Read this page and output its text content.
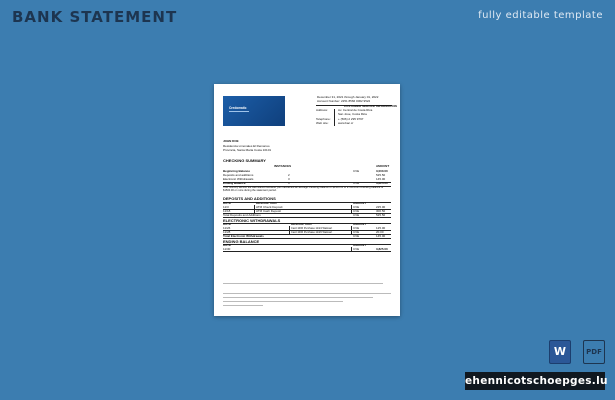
BANK STATEMENT	fully editable template
Credomatic
December 31, 2021 through January 01, 2022
Account Number: 2251 8566 0062 9522
CUSTOMER SERVICE INFORMATION
Address:	Av. Central de Costa Rica
San Jose, Costa Rica
Telephone: + (506) 2 295 9797
Web site:	www.bac.cr
JOHN DOE
Residencia Limonales El Remanso
Provincia, Santa Maria Costa 10101
CHECKING SUMMARY
INSTANCES	AMOUNT
Beginning Balance	CVE	3,000.00
Deposits and additions	2	525.50
Electronic Withdrawals	3	145.00
Ending Balance	6	CVE	3,825.00
Your monthly service fee was waived because you maintained an average checking balance of $1500.00 or a minimum checking balance of $1500.00 or more during the statement period.
DEPOSITS AND ADDITIONS
DATE	DESCRIPTION	AMOUNT
11/3	ATM Check Deposit	CVE	225.00
11/18	ATM Cash Deposit	CVE	300.50
Total Deposits and Additions	CVE	525.50
ELECTRONIC WITHDRAWALS
DATE	DESCRIPTION	AMOUNT
11/26	Card 1006 Purchase 11/24 Walmart	CVE	125.00
11/28	Card 1006 Purchase 11/26 Walmart	CVE	20.00
Total Electronic Withdrawals	CVE	145.00
ENDING BALANCE
DATE	AMOUNT
11/30	CVE	3,825.00
W	PDF
ehennicotschoepges.lu
